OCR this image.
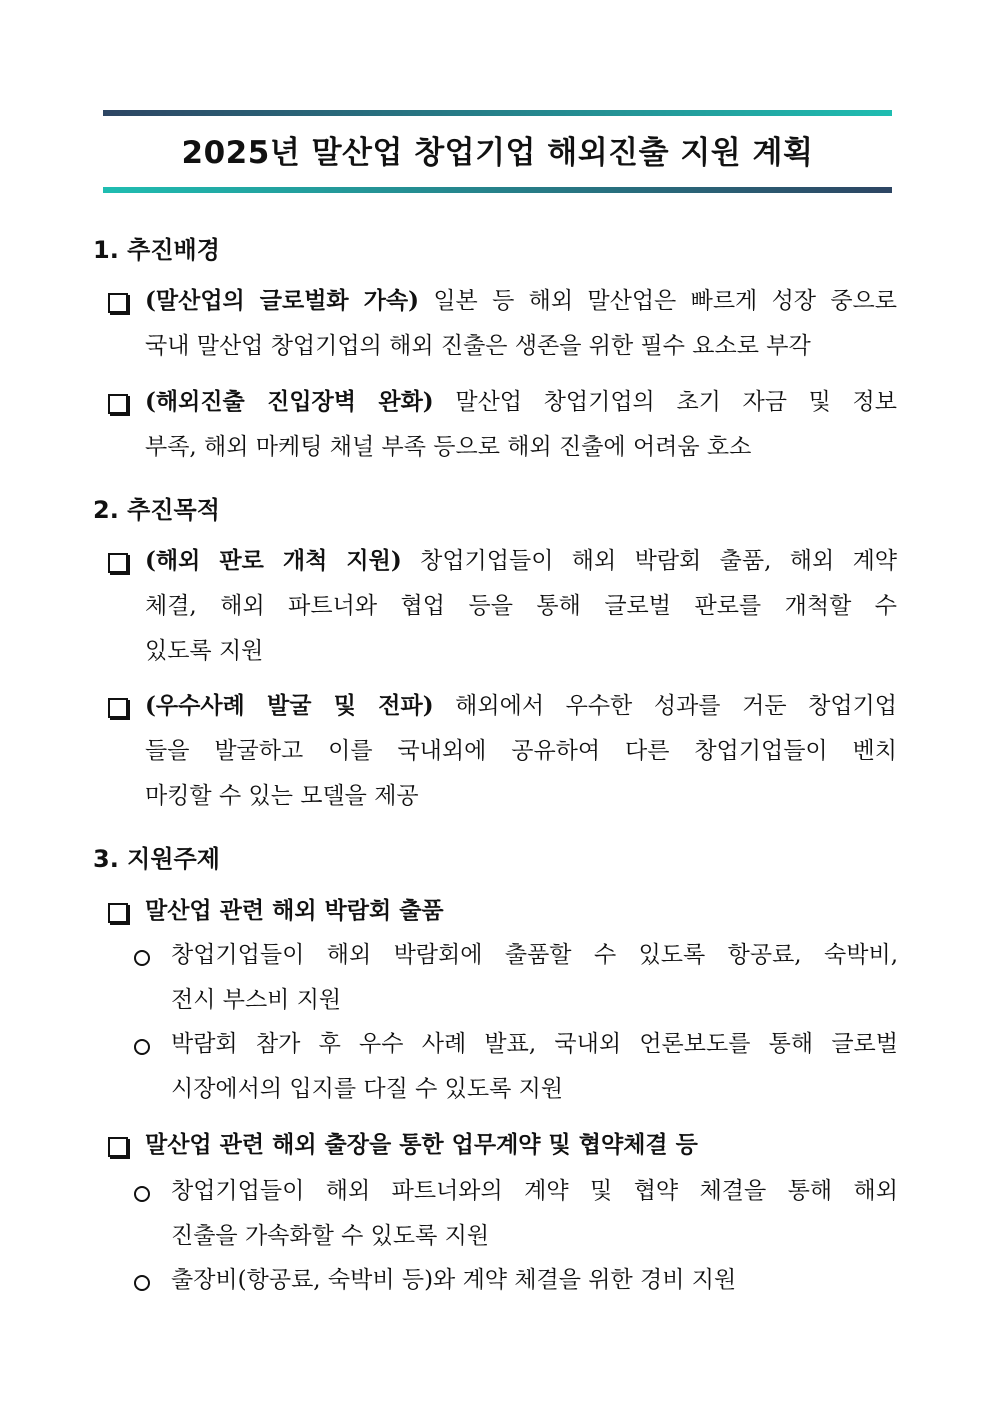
2025년 말산업 창업기업 해외진출 지원 계획
1. 추진배경
(말산업의 글로벌화 가속) 일본 등 해외 말산업은 빠르게 성장 중으로
국내 말산업 창업기업의 해외 진출은 생존을 위한 필수 요소로 부각
(해외진출 진입장벽 완화) 말산업 창업기업의 초기 자금 및 정보
부족, 해외 마케팅 채널 부족 등으로 해외 진출에 어려움 호소
2. 추진목적
(해외 판로 개척 지원) 창업기업들이 해외 박람회 출품, 해외 계약
체결, 해외 파트너와 협업 등을 통해 글로벌 판로를 개척할 수
있도록 지원
(우수사례 발굴 및 전파) 해외에서 우수한 성과를 거둔 창업기업
들을 발굴하고 이를 국내외에 공유하여 다른 창업기업들이 벤치
마킹할 수 있는 모델을 제공
3. 지원주제
말산업 관련 해외 박람회 출품
창업기업들이 해외 박람회에 출품할 수 있도록 항공료, 숙박비,
전시 부스비 지원
박람회 참가 후 우수 사례 발표, 국내외 언론보도를 통해 글로벌
시장에서의 입지를 다질 수 있도록 지원
말산업 관련 해외 출장을 통한 업무계약 및 협약체결 등
창업기업들이 해외 파트너와의 계약 및 협약 체결을 통해 해외
진출을 가속화할 수 있도록 지원
출장비(항공료, 숙박비 등)와 계약 체결을 위한 경비 지원
